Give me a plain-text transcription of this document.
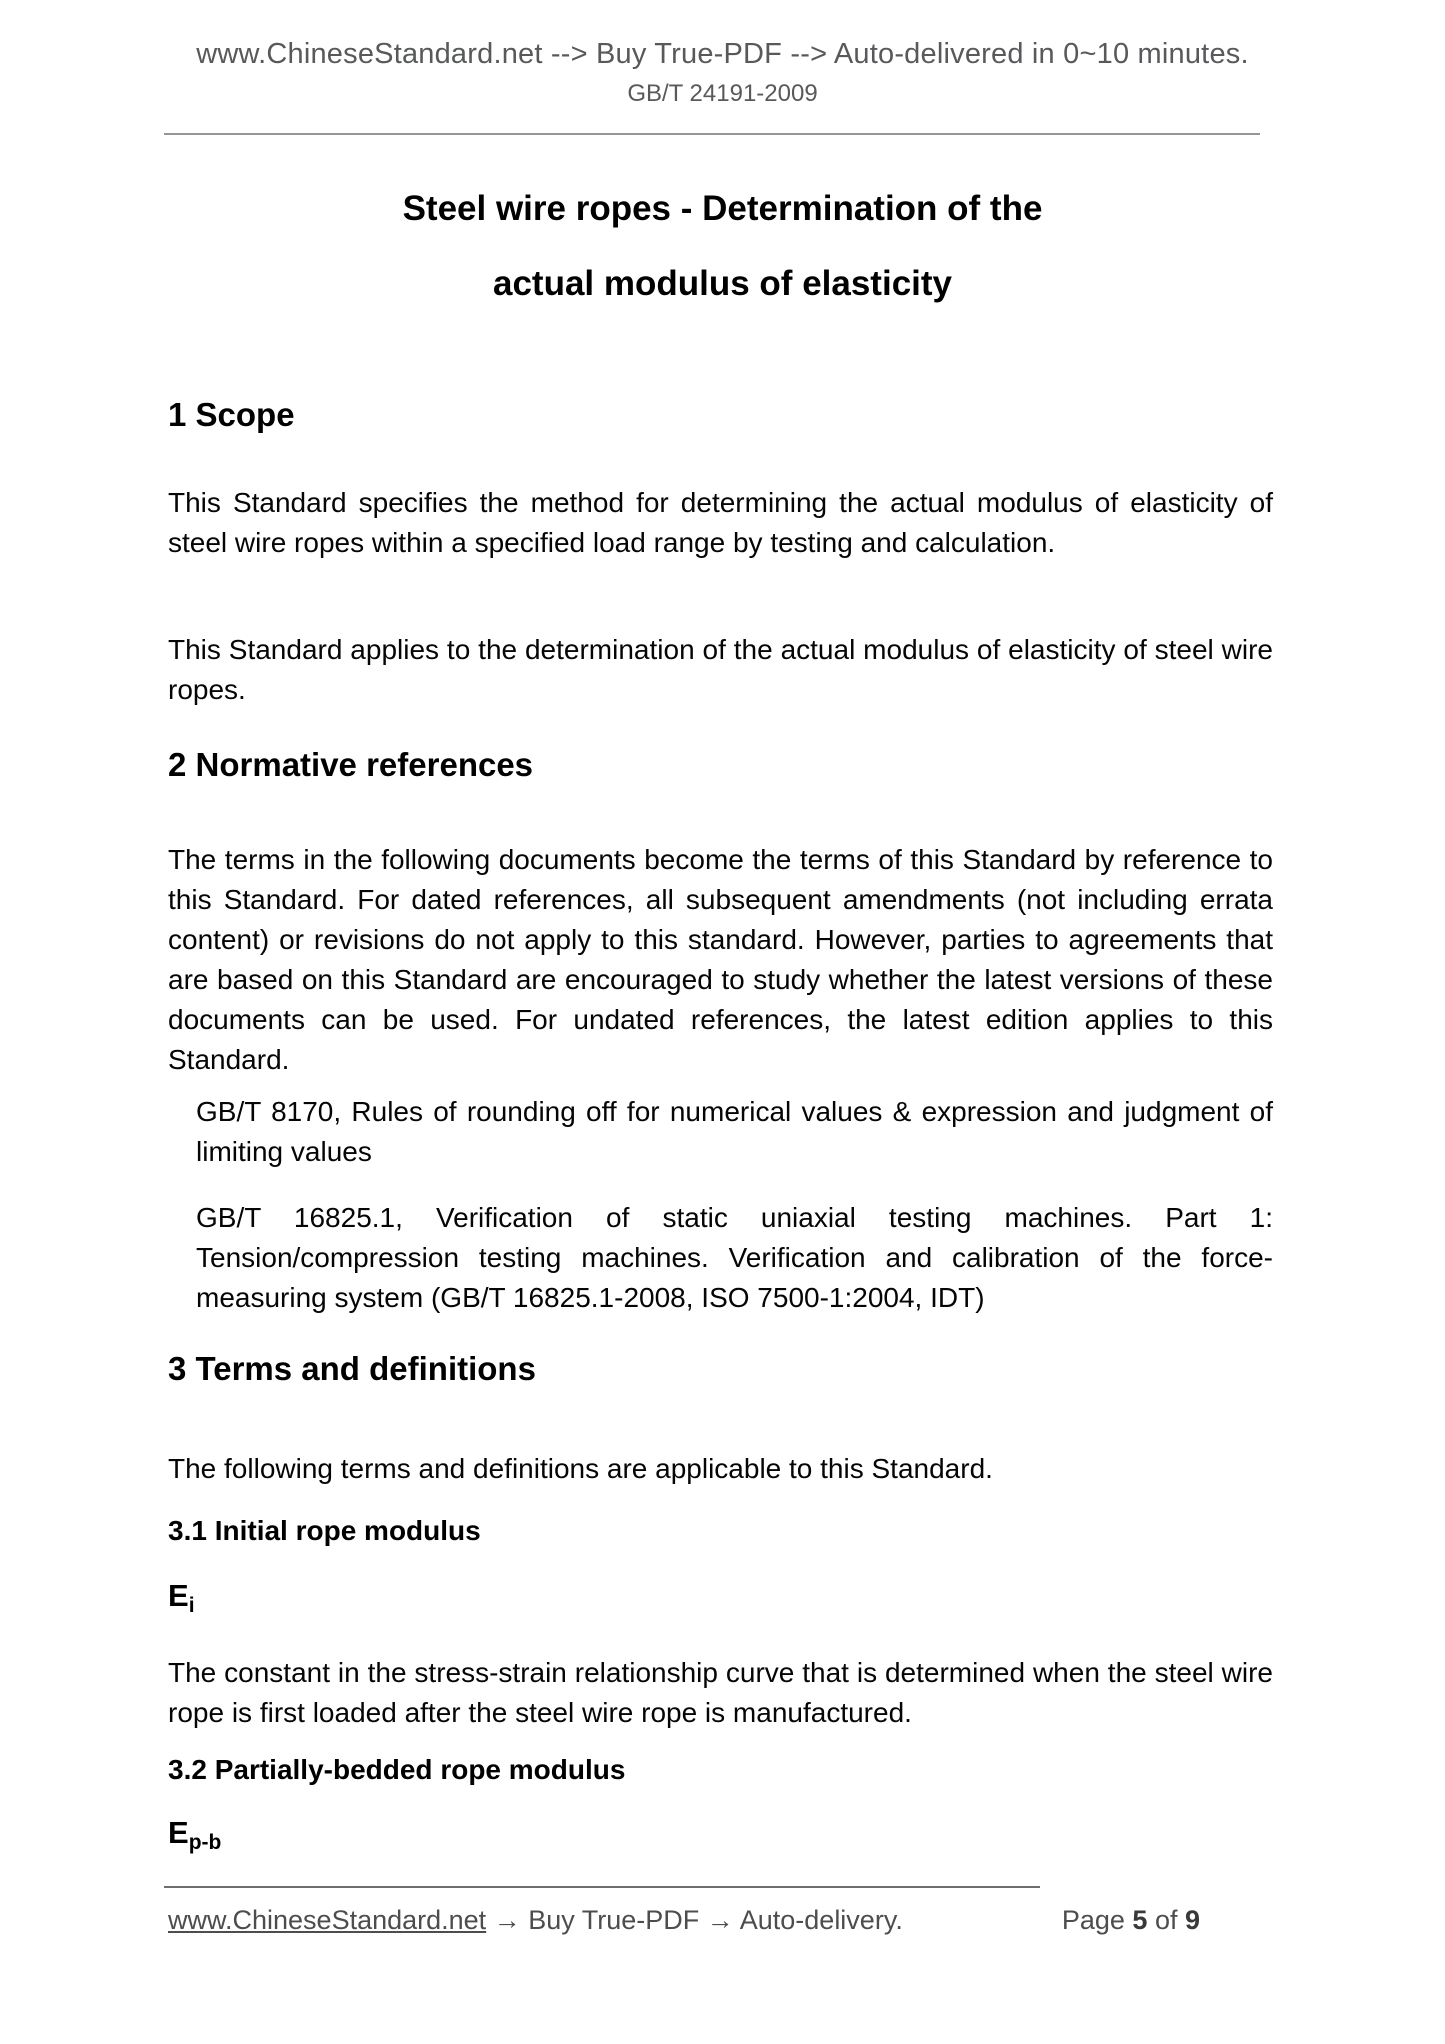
www.ChineseStandard.net --> Buy True-PDF --> Auto-delivered in 0~10 minutes.
GB/T 24191-2009
Steel wire ropes - Determination of the
actual modulus of elasticity
1 Scope
This Standard specifies the method for determining the actual modulus of elasticity of steel wire ropes within a specified load range by testing and calculation.
This Standard applies to the determination of the actual modulus of elasticity of steel wire ropes.
2 Normative references
The terms in the following documents become the terms of this Standard by reference to this Standard. For dated references, all subsequent amendments (not including errata content) or revisions do not apply to this standard. However, parties to agreements that are based on this Standard are encouraged to study whether the latest versions of these documents can be used. For undated references, the latest edition applies to this Standard.
GB/T 8170, Rules of rounding off for numerical values & expression and judgment of limiting values
GB/T 16825.1, Verification of static uniaxial testing machines. Part 1: Tension/compression testing machines. Verification and calibration of the force-measuring system (GB/T 16825.1-2008, ISO 7500-1:2004, IDT)
3 Terms and definitions
The following terms and definitions are applicable to this Standard.
3.1 Initial rope modulus
$E_i$
The constant in the stress-strain relationship curve that is determined when the steel wire rope is first loaded after the steel wire rope is manufactured.
3.2 Partially-bedded rope modulus
$E_{p-b}$
www.ChineseStandard.net → Buy True-PDF → Auto-delivery.	Page 5 of 9
